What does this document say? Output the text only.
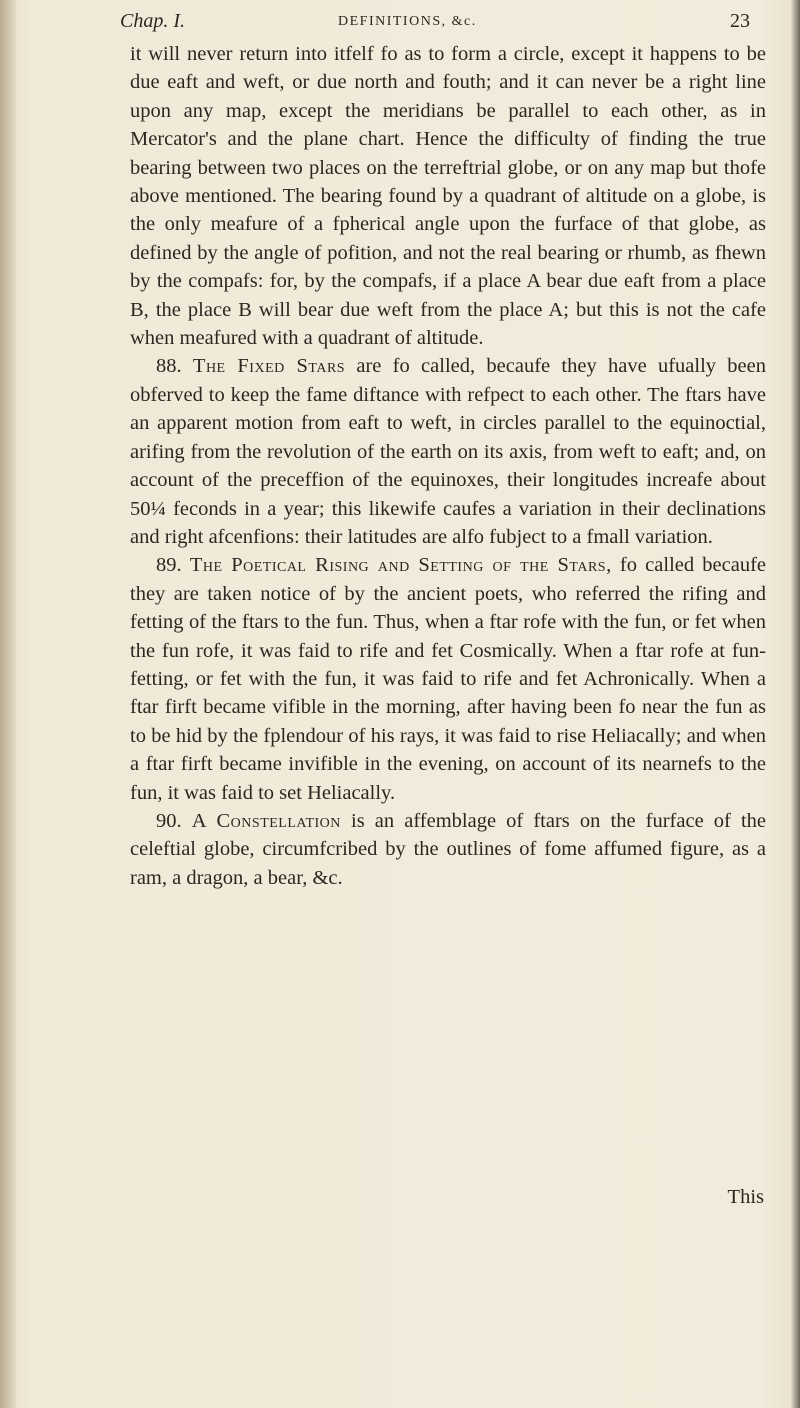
Chap. I.	DEFINITIONS, &c.	23

it will never return into itfelf fo as to form a circle, except it happens to be due eaft and weft, or due north and fouth; and it can never be a right line upon any map, except the meridians be parallel to each other, as in Mercator's and the plane chart. Hence the difficulty of finding the true bearing between two places on the terreftrial globe, or on any map but thofe above mentioned. The bearing found by a quadrant of altitude on a globe, is the only meafure of a fpherical angle upon the furface of that globe, as defined by the angle of pofition, and not the real bearing or rhumb, as fhewn by the compafs: for, by the compafs, if a place A bear due eaft from a place B, the place B will bear due weft from the place A; but this is not the cafe when meafured with a quadrant of altitude.

88. The Fixed Stars are fo called, becaufe they have ufually been obferved to keep the fame diftance with refpect to each other. The ftars have an apparent motion from eaft to weft, in circles parallel to the equinoctial, arifing from the revolution of the earth on its axis, from weft to eaft; and, on account of the preceffion of the equinoxes, their longitudes increafe about 50¼ feconds in a year; this likewife caufes a variation in their declinations and right afcenfions: their latitudes are alfo fubject to a fmall variation.

89. The Poetical Rising and Setting of the Stars, fo called becaufe they are taken notice of by the ancient poets, who referred the rifing and fetting of the ftars to the fun. Thus, when a ftar rofe with the fun, or fet when the fun rofe, it was faid to rife and fet Cosmically. When a ftar rofe at fun-fetting, or fet with the fun, it was faid to rife and fet Achronically. When a ftar firft became vifible in the morning, after having been fo near the fun as to be hid by the fplendour of his rays, it was faid to rise Heliacally; and when a ftar firft became invifible in the evening, on account of its nearnefs to the fun, it was faid to set Heliacally.

90. A Constellation is an affemblage of ftars on the furface of the celeftial globe, circumfcribed by the outlines of fome affumed figure, as a ram, a dragon, a bear, &c.

This
